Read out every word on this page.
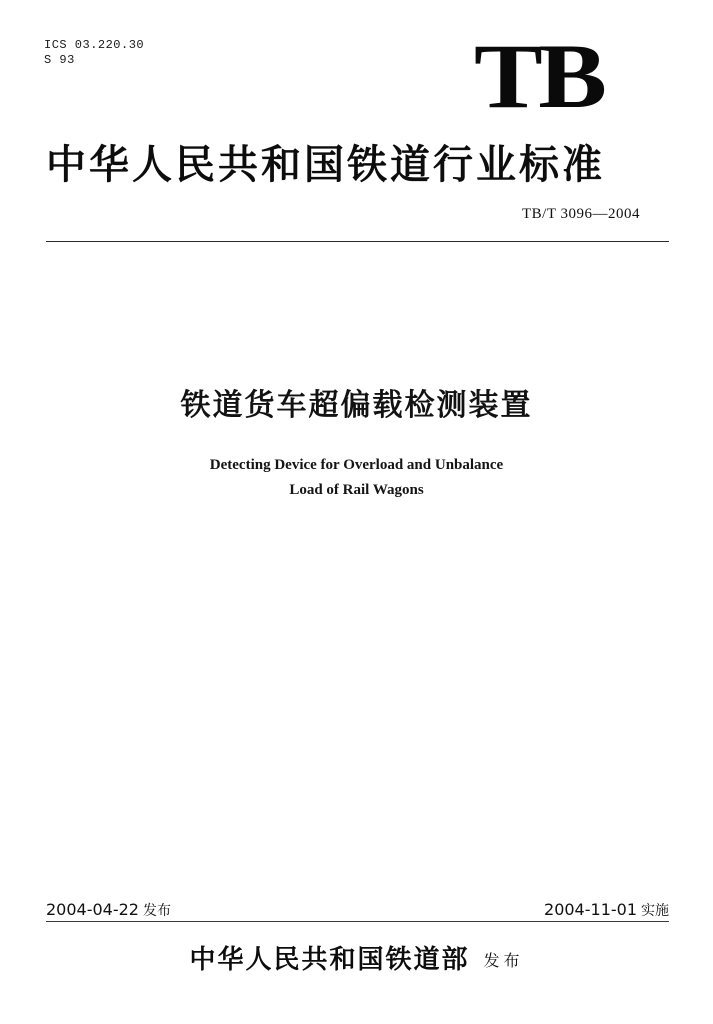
ICS 03.220.30
S 93	TB
中华人民共和国铁道行业标准
TB/T 3096—2004
铁道货车超偏载检测装置
Detecting Device for Overload and Unbalance
Load of Rail Wagons
2004-04-22 发布	2004-11-01 实施
中华人民共和国铁道部 发布
